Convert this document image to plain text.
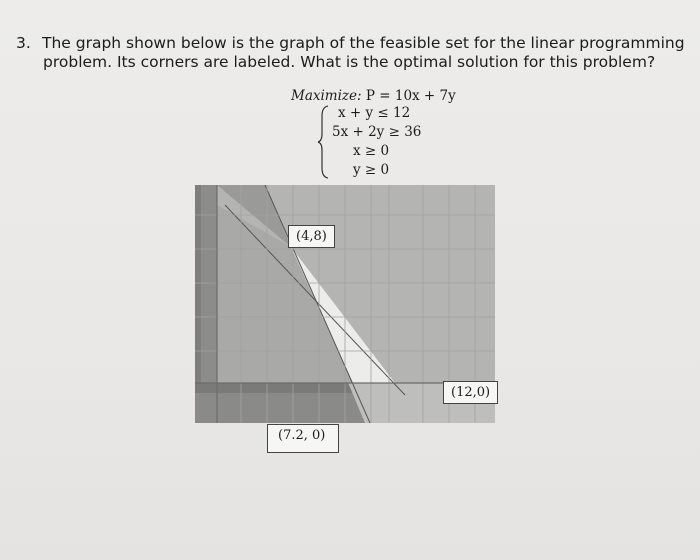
3. The graph shown below is the graph of the feasible set for the linear programming
problem. Its corners are labeled. What is the optimal solution for this problem?
Maximize: P = 10x + 7y
x + y ≤ 12
5x + 2y ≥ 36
x ≥ 0
y ≥ 0
(4,8)
(12,0)
(7.2, 0)
